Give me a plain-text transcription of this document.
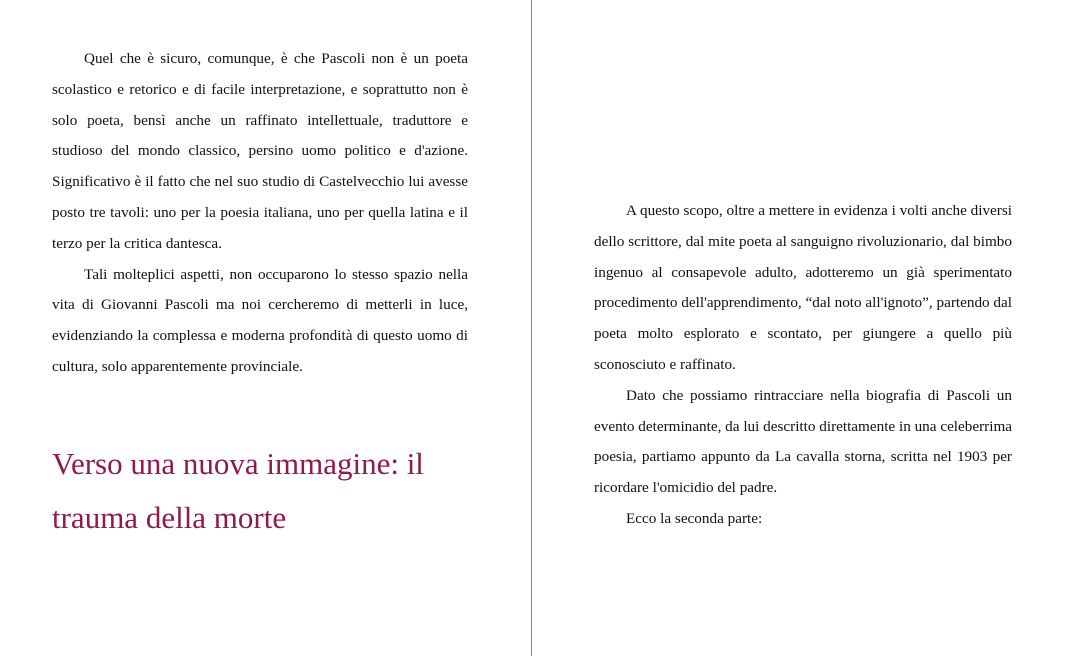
Quel che è sicuro, comunque, è che Pascoli non è un poeta scolastico e retorico e di facile interpretazione, e soprattutto non è solo poeta, bensì anche un raffinato intellettuale, traduttore e studioso del mondo classico, persino uomo politico e d'azione. Significativo è il fatto che nel suo studio di Castelvecchio lui avesse posto tre tavoli: uno per la poesia italiana, uno per quella latina e il terzo per la critica dantesca.

Tali molteplici aspetti, non occuparono lo stesso spazio nella vita di Giovanni Pascoli ma noi cercheremo di metterli in luce, evidenziando la complessa e moderna profondità di questo uomo di cultura, solo apparentemente provinciale.

Verso una nuova immagine: il trauma della morte

A questo scopo, oltre a mettere in evidenza i volti anche diversi dello scrittore, dal mite poeta al sanguigno rivoluzionario, dal bimbo ingenuo al consapevole adulto, adotteremo un già sperimentato procedimento dell'apprendimento, “dal noto all'ignoto”, partendo dal poeta molto esplorato e scontato, per giungere a quello più sconosciuto e raffinato.

Dato che possiamo rintracciare nella biografia di Pascoli un evento determinante, da lui descritto direttamente in una celeberrima poesia, partiamo appunto da La cavalla storna, scritta nel 1903 per ricordare l'omicidio del padre.

Ecco la seconda parte:
